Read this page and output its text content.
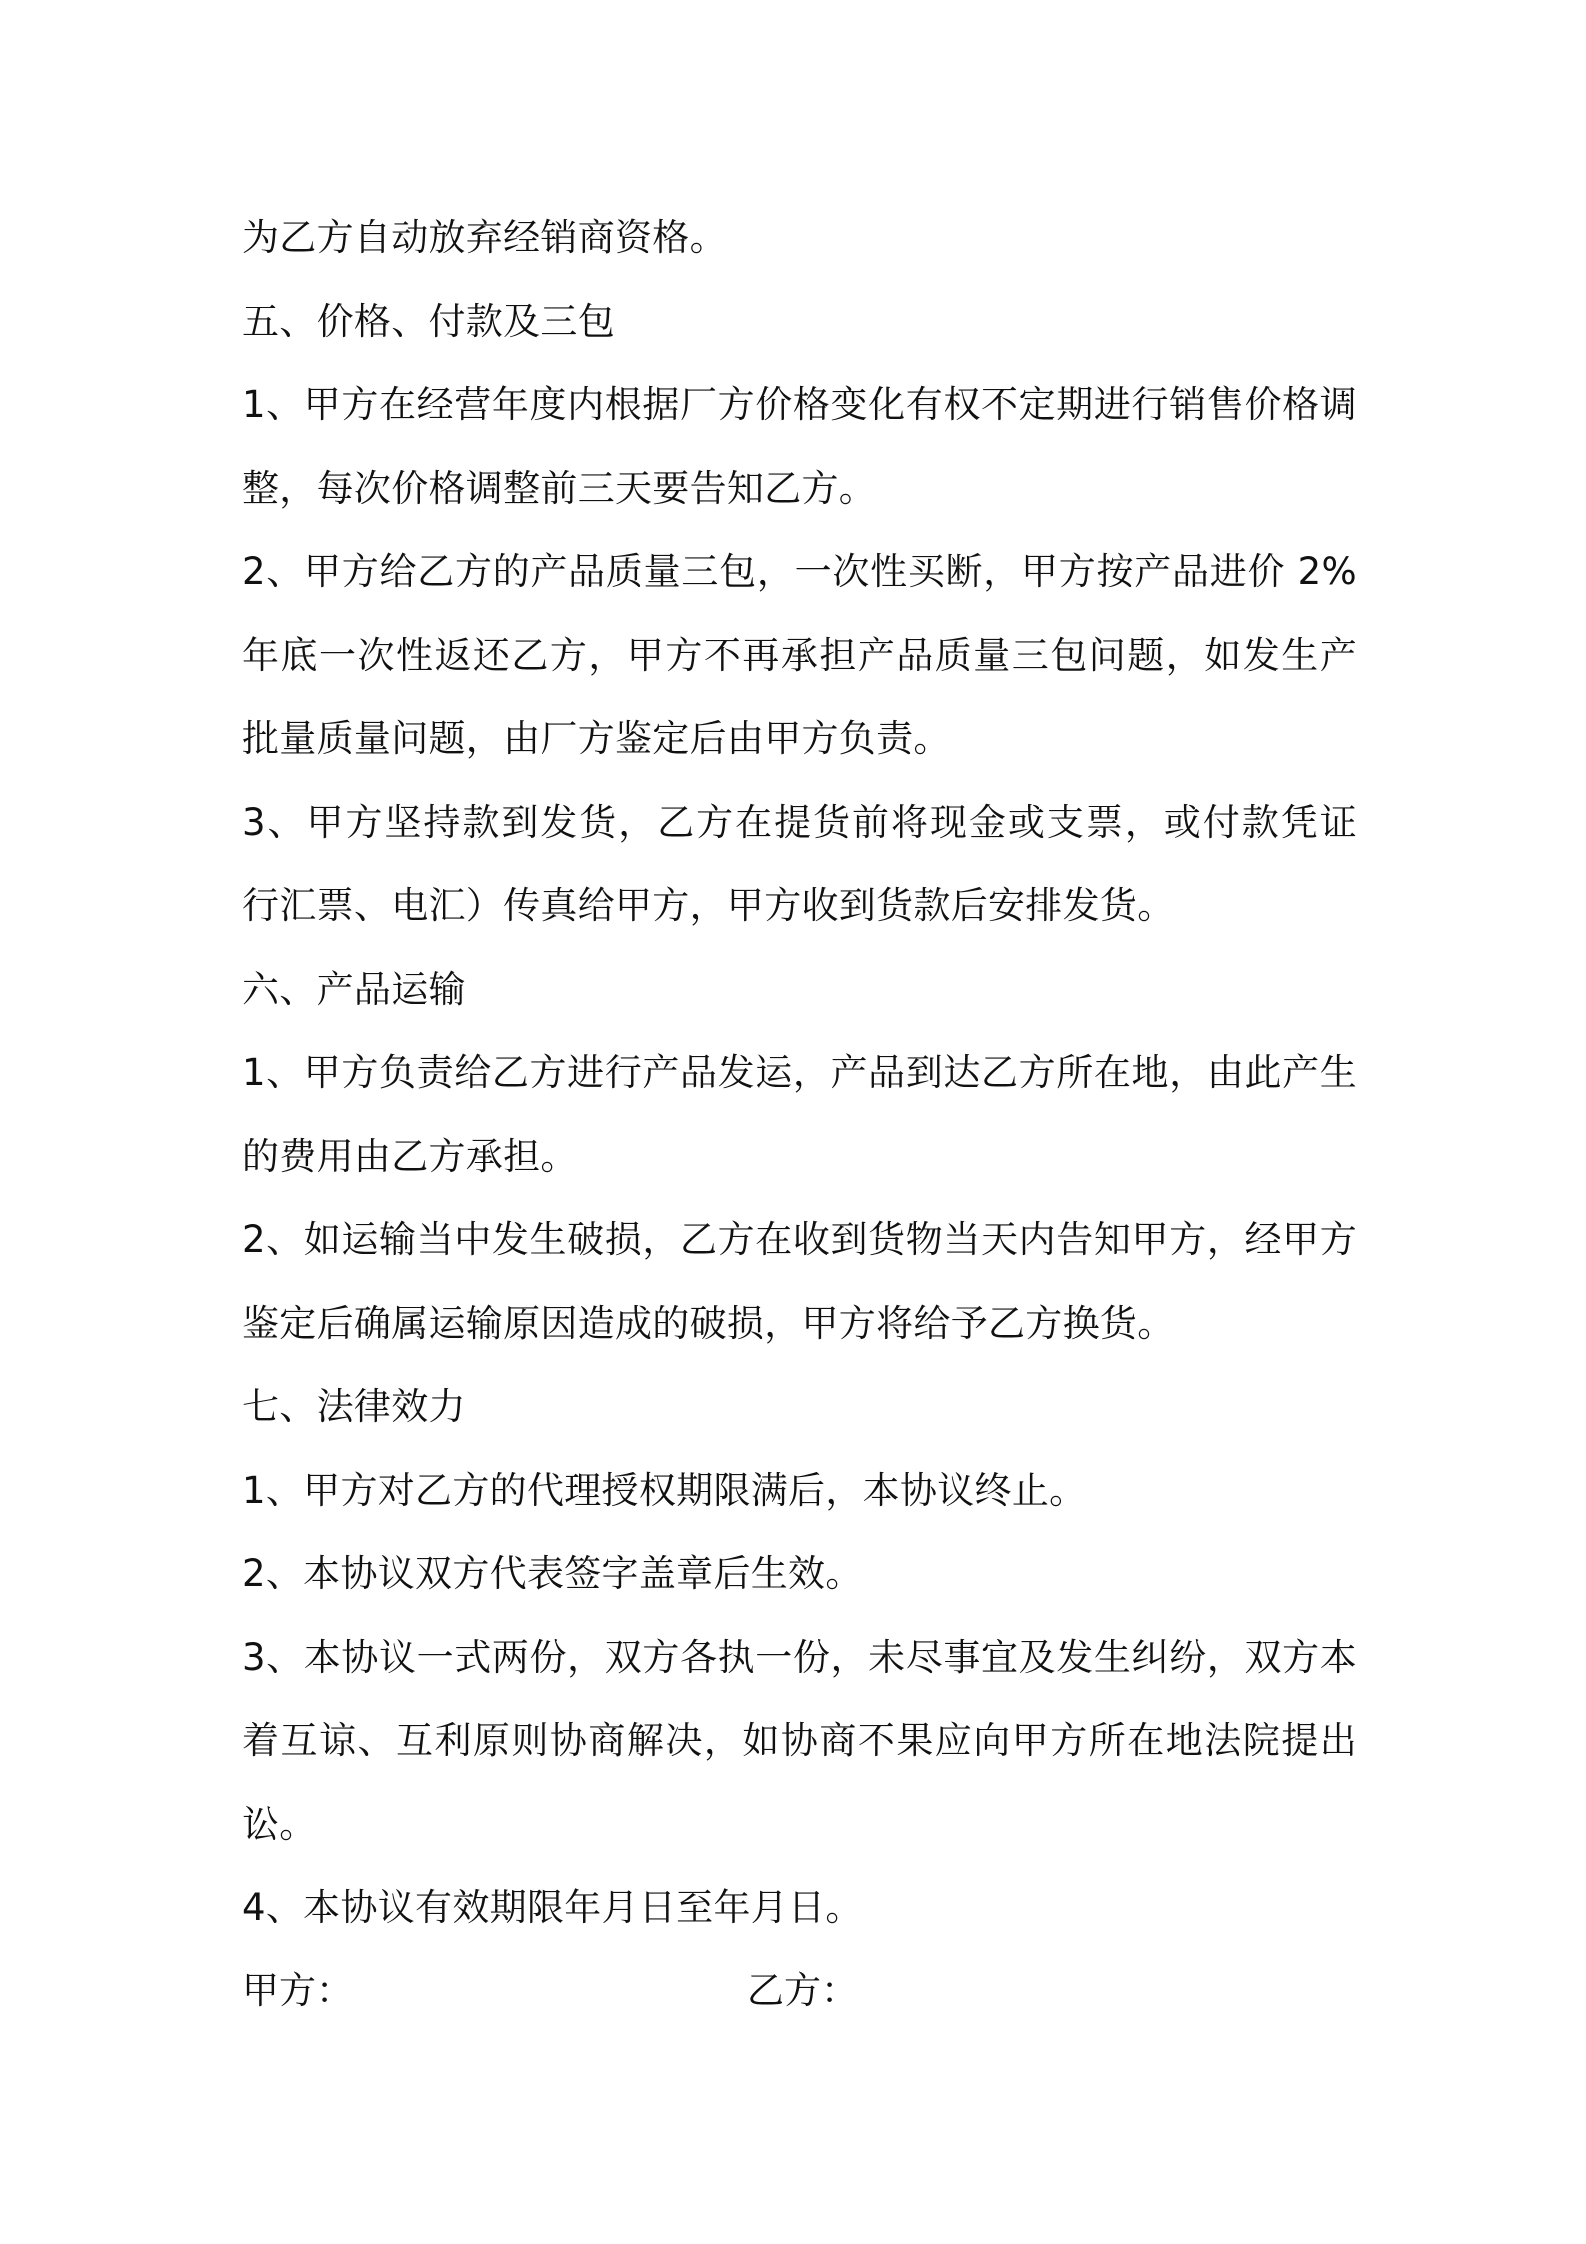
为乙方自动放弃经销商资格。
五、价格、付款及三包
1、甲方在经营年度内根据厂方价格变化有权不定期进行销售价格调
整，每次价格调整前三天要告知乙方。
2、甲方给乙方的产品质量三包，一次性买断，甲方按产品进价 2%
年底一次性返还乙方，甲方不再承担产品质量三包问题，如发生产
批量质量问题，由厂方鉴定后由甲方负责。
3、甲方坚持款到发货，乙方在提货前将现金或支票，或付款凭证
行汇票、电汇）传真给甲方，甲方收到货款后安排发货。
六、产品运输
1、甲方负责给乙方进行产品发运，产品到达乙方所在地，由此产生
的费用由乙方承担。
2、如运输当中发生破损，乙方在收到货物当天内告知甲方，经甲方
鉴定后确属运输原因造成的破损，甲方将给予乙方换货。
七、法律效力
1、甲方对乙方的代理授权期限满后，本协议终止。
2、本协议双方代表签字盖章后生效。
3、本协议一式两份，双方各执一份，未尽事宜及发生纠纷，双方本
着互谅、互利原则协商解决，如协商不果应向甲方所在地法院提出
讼。
4、本协议有效期限年月日至年月日。
甲方：	乙方：
